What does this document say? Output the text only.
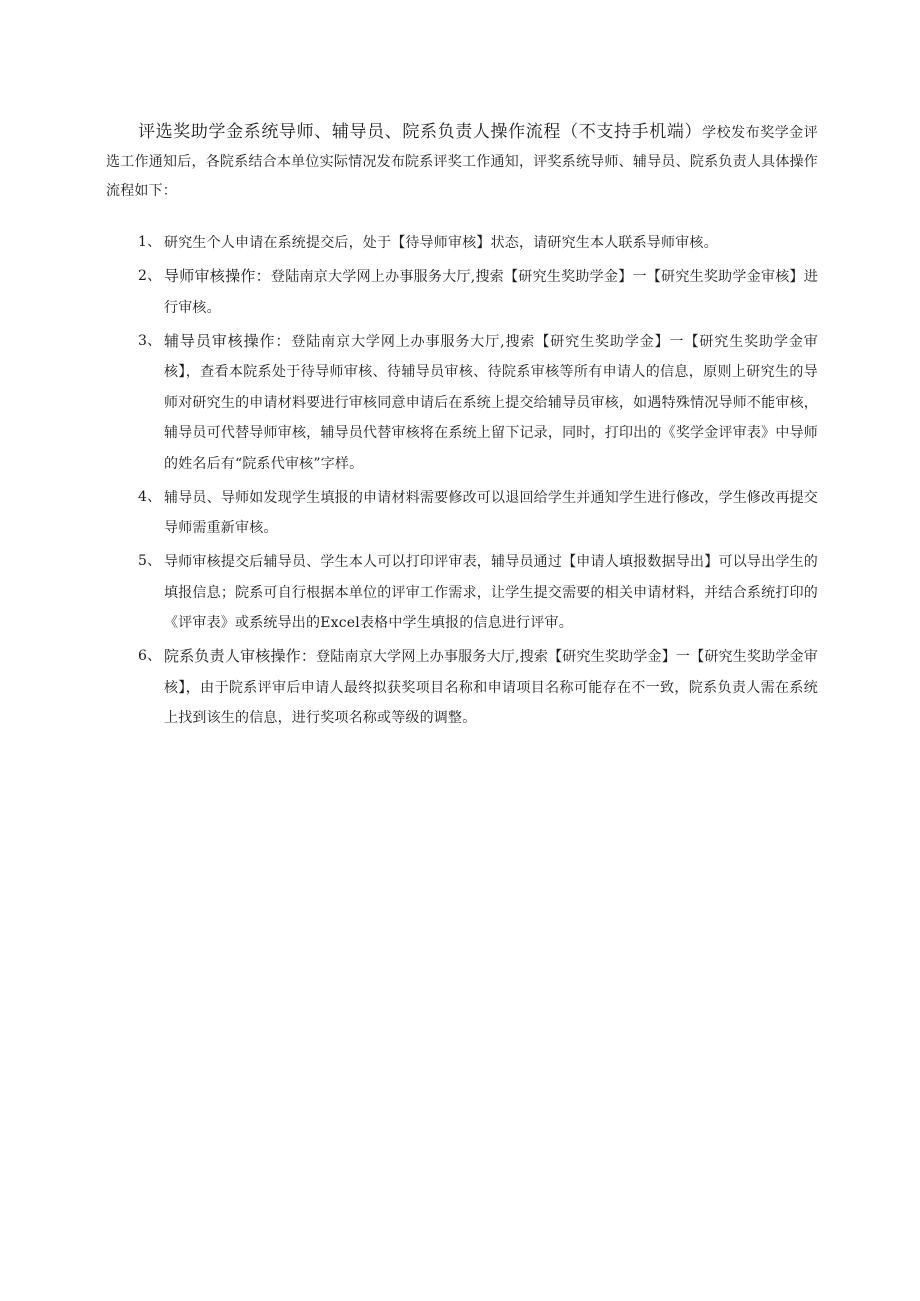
评选奖助学金系统导师、辅导员、院系负责人操作流程（不支持手机端）学校发布奖学金评选工作通知后，各院系结合本单位实际情况发布院系评奖工作通知，评奖系统导师、辅导员、院系负责人具体操作流程如下：

1、 研究生个人申请在系统提交后，处于【待导师审核】状态，请研究生本人联系导师审核。
2、 导师审核操作：登陆南京大学网上办事服务大厅,搜索【研究生奖助学金】一【研究生奖助学金审核】进行审核。
3、 辅导员审核操作：登陆南京大学网上办事服务大厅,搜索【研究生奖助学金】一【研究生奖助学金审核】，查看本院系处于待导师审核、待辅导员审核、待院系审核等所有申请人的信息，原则上研究生的导师对研究生的申请材料要进行审核同意申请后在系统上提交给辅导员审核，如遇特殊情况导师不能审核，辅导员可代替导师审核，辅导员代替审核将在系统上留下记录，同时，打印出的《奖学金评审表》中导师的姓名后有“院系代审核”字样。
4、 辅导员、导师如发现学生填报的申请材料需要修改可以退回给学生并通知学生进行修改，学生修改再提交导师需重新审核。
5、 导师审核提交后辅导员、学生本人可以打印评审表，辅导员通过【申请人填报数据导出】可以导出学生的填报信息；院系可自行根据本单位的评审工作需求，让学生提交需要的相关申请材料，并结合系统打印的《评审表》或系统导出的Excel表格中学生填报的信息进行评审。
6、 院系负责人审核操作：登陆南京大学网上办事服务大厅,搜索【研究生奖助学金】一【研究生奖助学金审核】，由于院系评审后申请人最终拟获奖项目名称和申请项目名称可能存在不一致，院系负责人需在系统上找到该生的信息，进行奖项名称或等级的调整。
